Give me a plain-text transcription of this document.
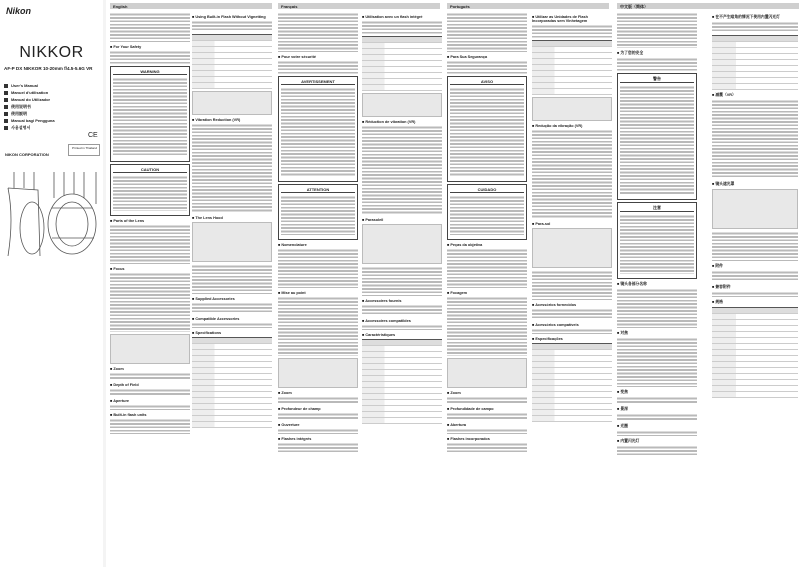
Nikon
NIKKOR
AF-P DX NIKKOR 10-20mm f/4.5-5.6G VR
User's Manual
Manuel d'utilisation
Manual do Utilizador
使用说明书
使用説明
Manual bagi Pengguna
사용설명서
CE
Printed in Thailand
NIKON CORPORATION
English
■ For Your Safety
WARNING
CAUTION
■ Parts of the Lens
■ Focus
■ Zoom
■ Depth of Field
■ Aperture
■ Built-in flash units
■ Using Built-in Flash Without Vignetting
■ Vibration Reduction (VR)
■ The Lens Hood
■ Supplied Accessories
■ Compatible Accessories
■ Specifications
Français
■ Pour votre sécurité
AVERTISSEMENT
ATTENTION
■ Nomenclature
■ Mise au point
■ Zoom
■ Profondeur de champ
■ Ouverture
■ Flashes intégrés
■ Utilisation avec un flash intégré
■ Réduction de vibration (VR)
■ Parasoleil
■ Accessoires fournis
■ Accessoires compatibles
■ Caractéristiques
Português
■ Para Sua Segurança
AVISO
CUIDADO
■ Peças da objetiva
■ Focagem
■ Zoom
■ Profundidade de campo
■ Abertura
■ Flashes incorporados
■ Utilizar as Unidades de Flash Incorporadas sem Vinhetagem
■ Redução da vibração (VR)
■ Para-sol
■ Acessórios fornecidos
■ Acessórios compatíveis
■ Especificações
中文版（简体）
■ 为了您的安全
警告
注意
■ 镜头各部分名称
■ 对焦
■ 变焦
■ 景深
■ 光圈
■ 内置闪光灯
■ 在不产生暗角的情况下使用内置闪光灯
■ 减震（VR）
■ 镜头遮光罩
■ 附件
■ 兼容附件
■ 规格
